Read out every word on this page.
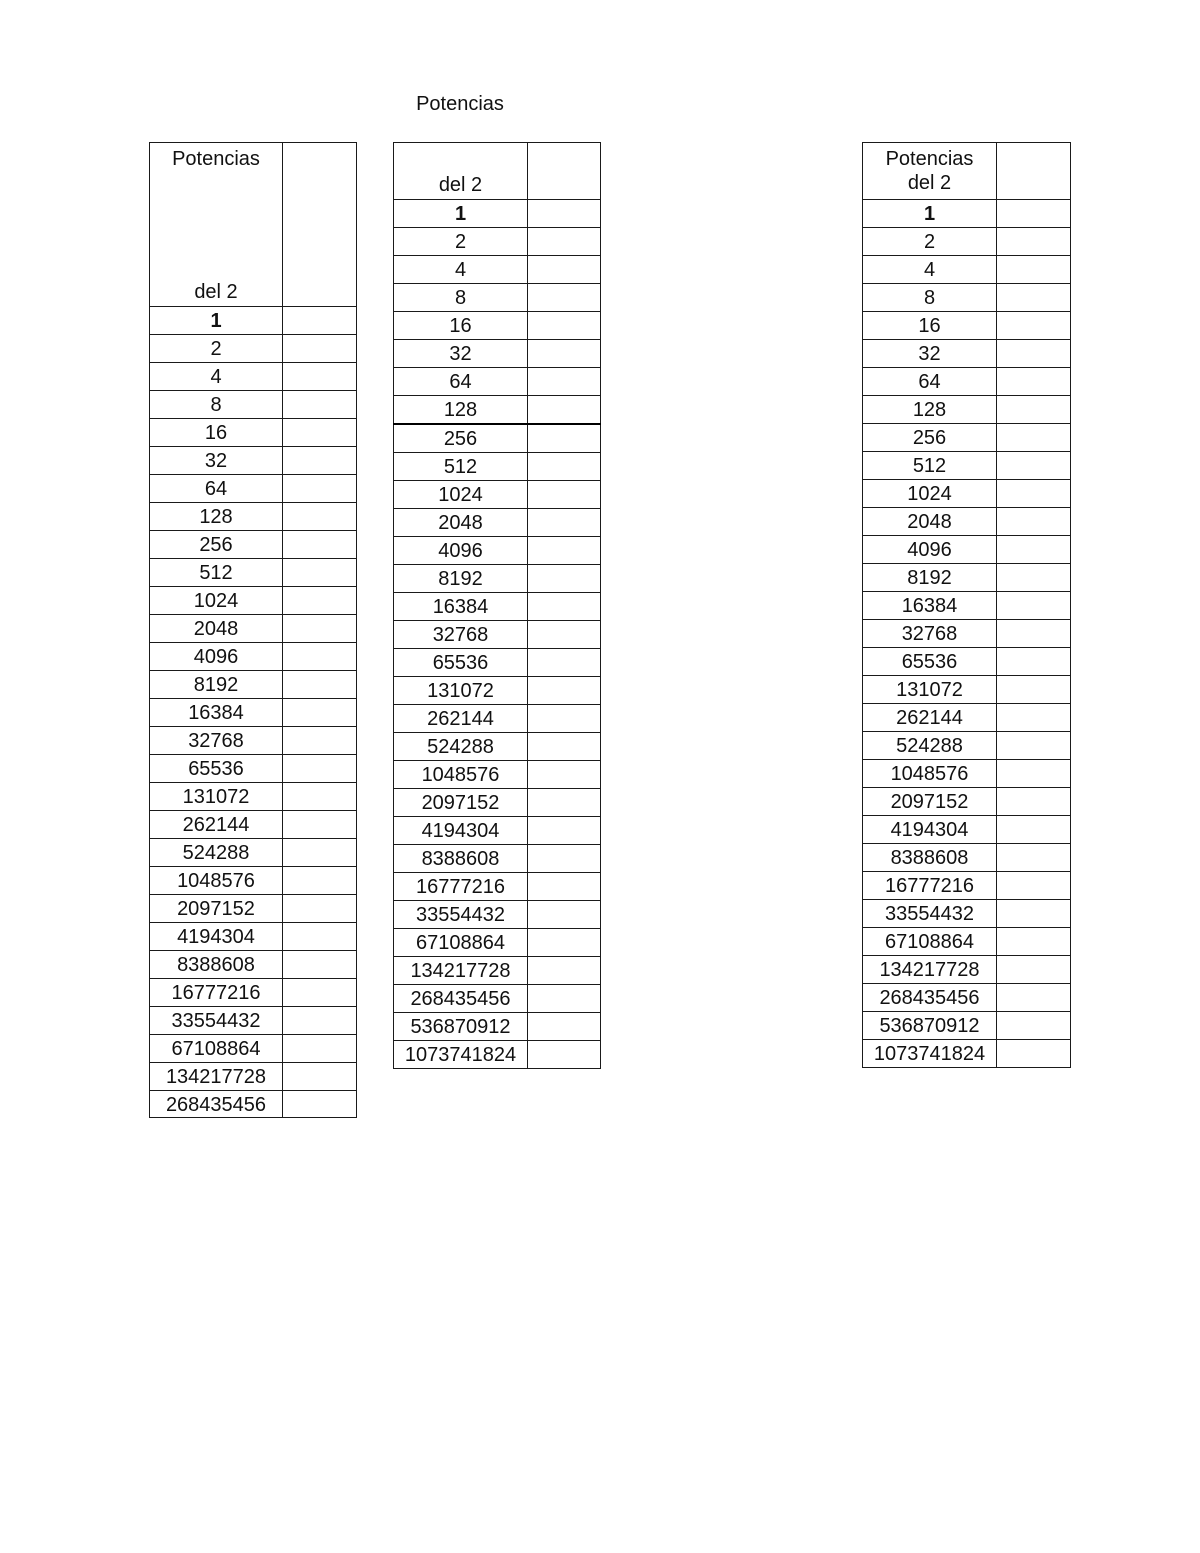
Potencias
Potencias
del 2	

1	
2	
4	
8	
16	
32	
64	
128	
256	
512	
1024	
2048	
4096	
8192	
16384	
32768	
65536	
131072	
262144	
524288	
1048576	
2097152	
4194304	
8388608	
16777216	
33554432	
67108864	
134217728	

268435456	

del 2	

1	
2	
4	
8	
16	
32	
64	
128	
256	
512	
1024	
2048	
4096	
8192	
16384	
32768	
65536	
131072	
262144	
524288	
1048576	
2097152	
4194304	
8388608	
16777216	
33554432	
67108864	
134217728	
268435456	
536870912	
1073741824	
Potencias
del 2	

1	
2	
4	
8	
16	
32	
64	
128	
256	
512	
1024	
2048	
4096	
8192	
16384	
32768	
65536	
131072	
262144	
524288	
1048576	
2097152	
4194304	
8388608	
16777216	
33554432	
67108864	
134217728	
268435456	
536870912	
1073741824	
